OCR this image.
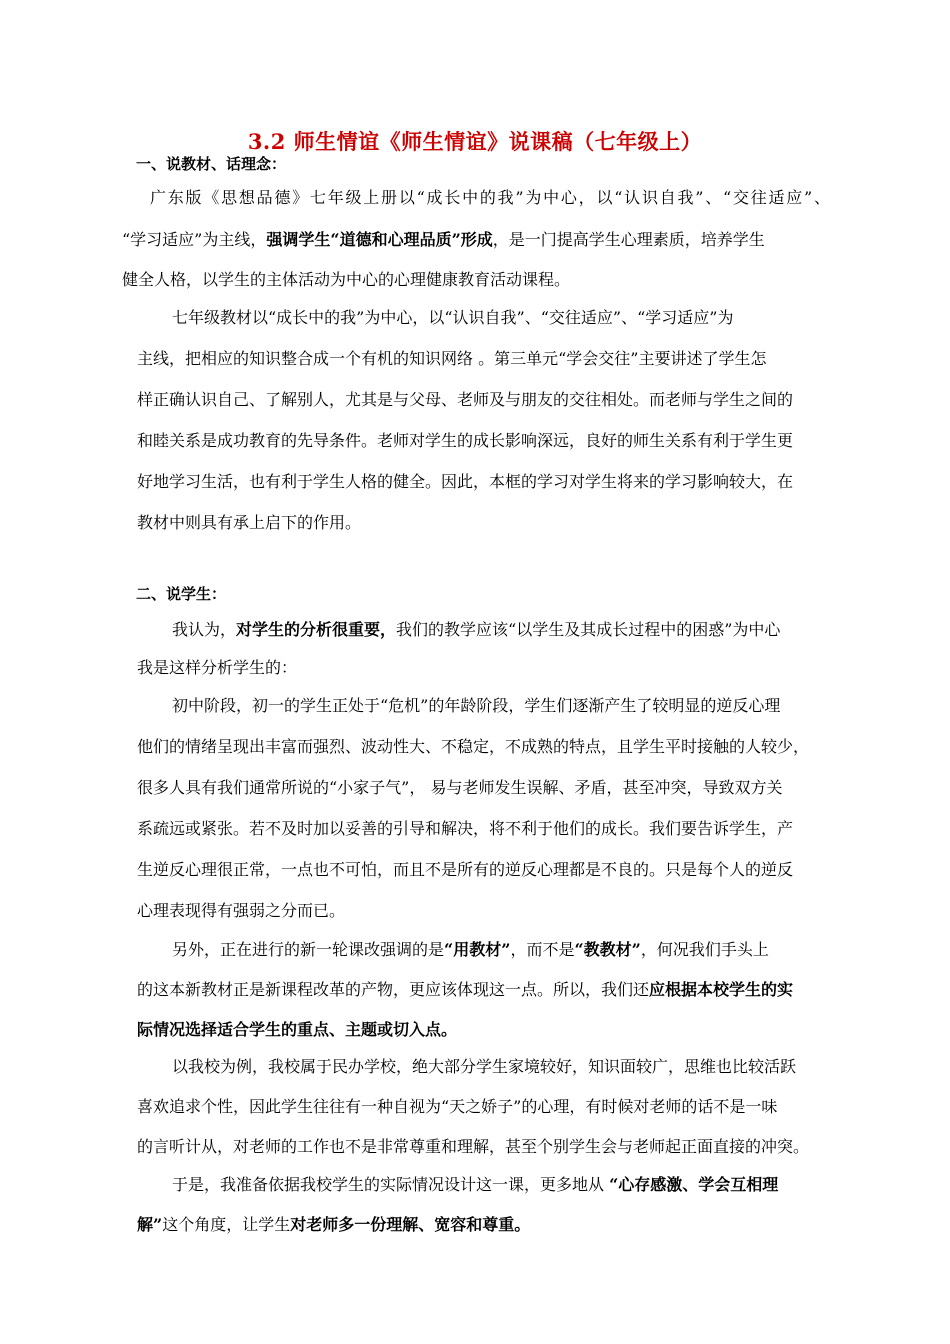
3.2 师生情谊《师生情谊》说课稿（七年级上）
一、说教材、话理念：
广东版《思想品德》七年级上册以“成长中的我”为中心，以“认识自我”、“交往适应”、
“学习适应”为主线，强调学生“道德和心理品质”形成，是一门提高学生心理素质，培养学生
健全人格，以学生的主体活动为中心的心理健康教育活动课程。
七年级教材以“成长中的我”为中心，以“认识自我”、“交往适应”、“学习适应”为
主线，把相应的知识整合成一个有机的知识网络 。第三单元“学会交往”主要讲述了学生怎
样正确认识自己、了解别人，尤其是与父母、老师及与朋友的交往相处。而老师与学生之间的
和睦关系是成功教育的先导条件。老师对学生的成长影响深远，良好的师生关系有利于学生更
好地学习生活，也有利于学生人格的健全。因此，本框的学习对学生将来的学习影响较大，在
教材中则具有承上启下的作用。
二、说学生：
我认为，对学生的分析很重要，我们的教学应该“以学生及其成长过程中的困惑”为中心
我是这样分析学生的：
初中阶段，初一的学生正处于“危机”的年龄阶段，学生们逐渐产生了较明显的逆反心理
他们的情绪呈现出丰富而强烈、波动性大、不稳定，不成熟的特点，且学生平时接触的人较少，
很多人具有我们通常所说的“小家子气”， 易与老师发生误解、矛盾，甚至冲突，导致双方关
系疏远或紧张。若不及时加以妥善的引导和解决，将不利于他们的成长。我们要告诉学生，产
生逆反心理很正常，一点也不可怕，而且不是所有的逆反心理都是不良的。只是每个人的逆反
心理表现得有强弱之分而已。
另外，正在进行的新一轮课改强调的是“用教材”，而不是“教教材”，何况我们手头上
的这本新教材正是新课程改革的产物，更应该体现这一点。所以，我们还应根据本校学生的实
际情况选择适合学生的重点、主题或切入点。
以我校为例，我校属于民办学校，绝大部分学生家境较好，知识面较广，思维也比较活跃
喜欢追求个性，因此学生往往有一种自视为“天之娇子”的心理，有时候对老师的话不是一味
的言听计从，对老师的工作也不是非常尊重和理解，甚至个别学生会与老师起正面直接的冲突。
于是，我准备依据我校学生的实际情况设计这一课，更多地从 “心存感激、学会互相理
解”这个角度，让学生对老师多一份理解、宽容和尊重。
